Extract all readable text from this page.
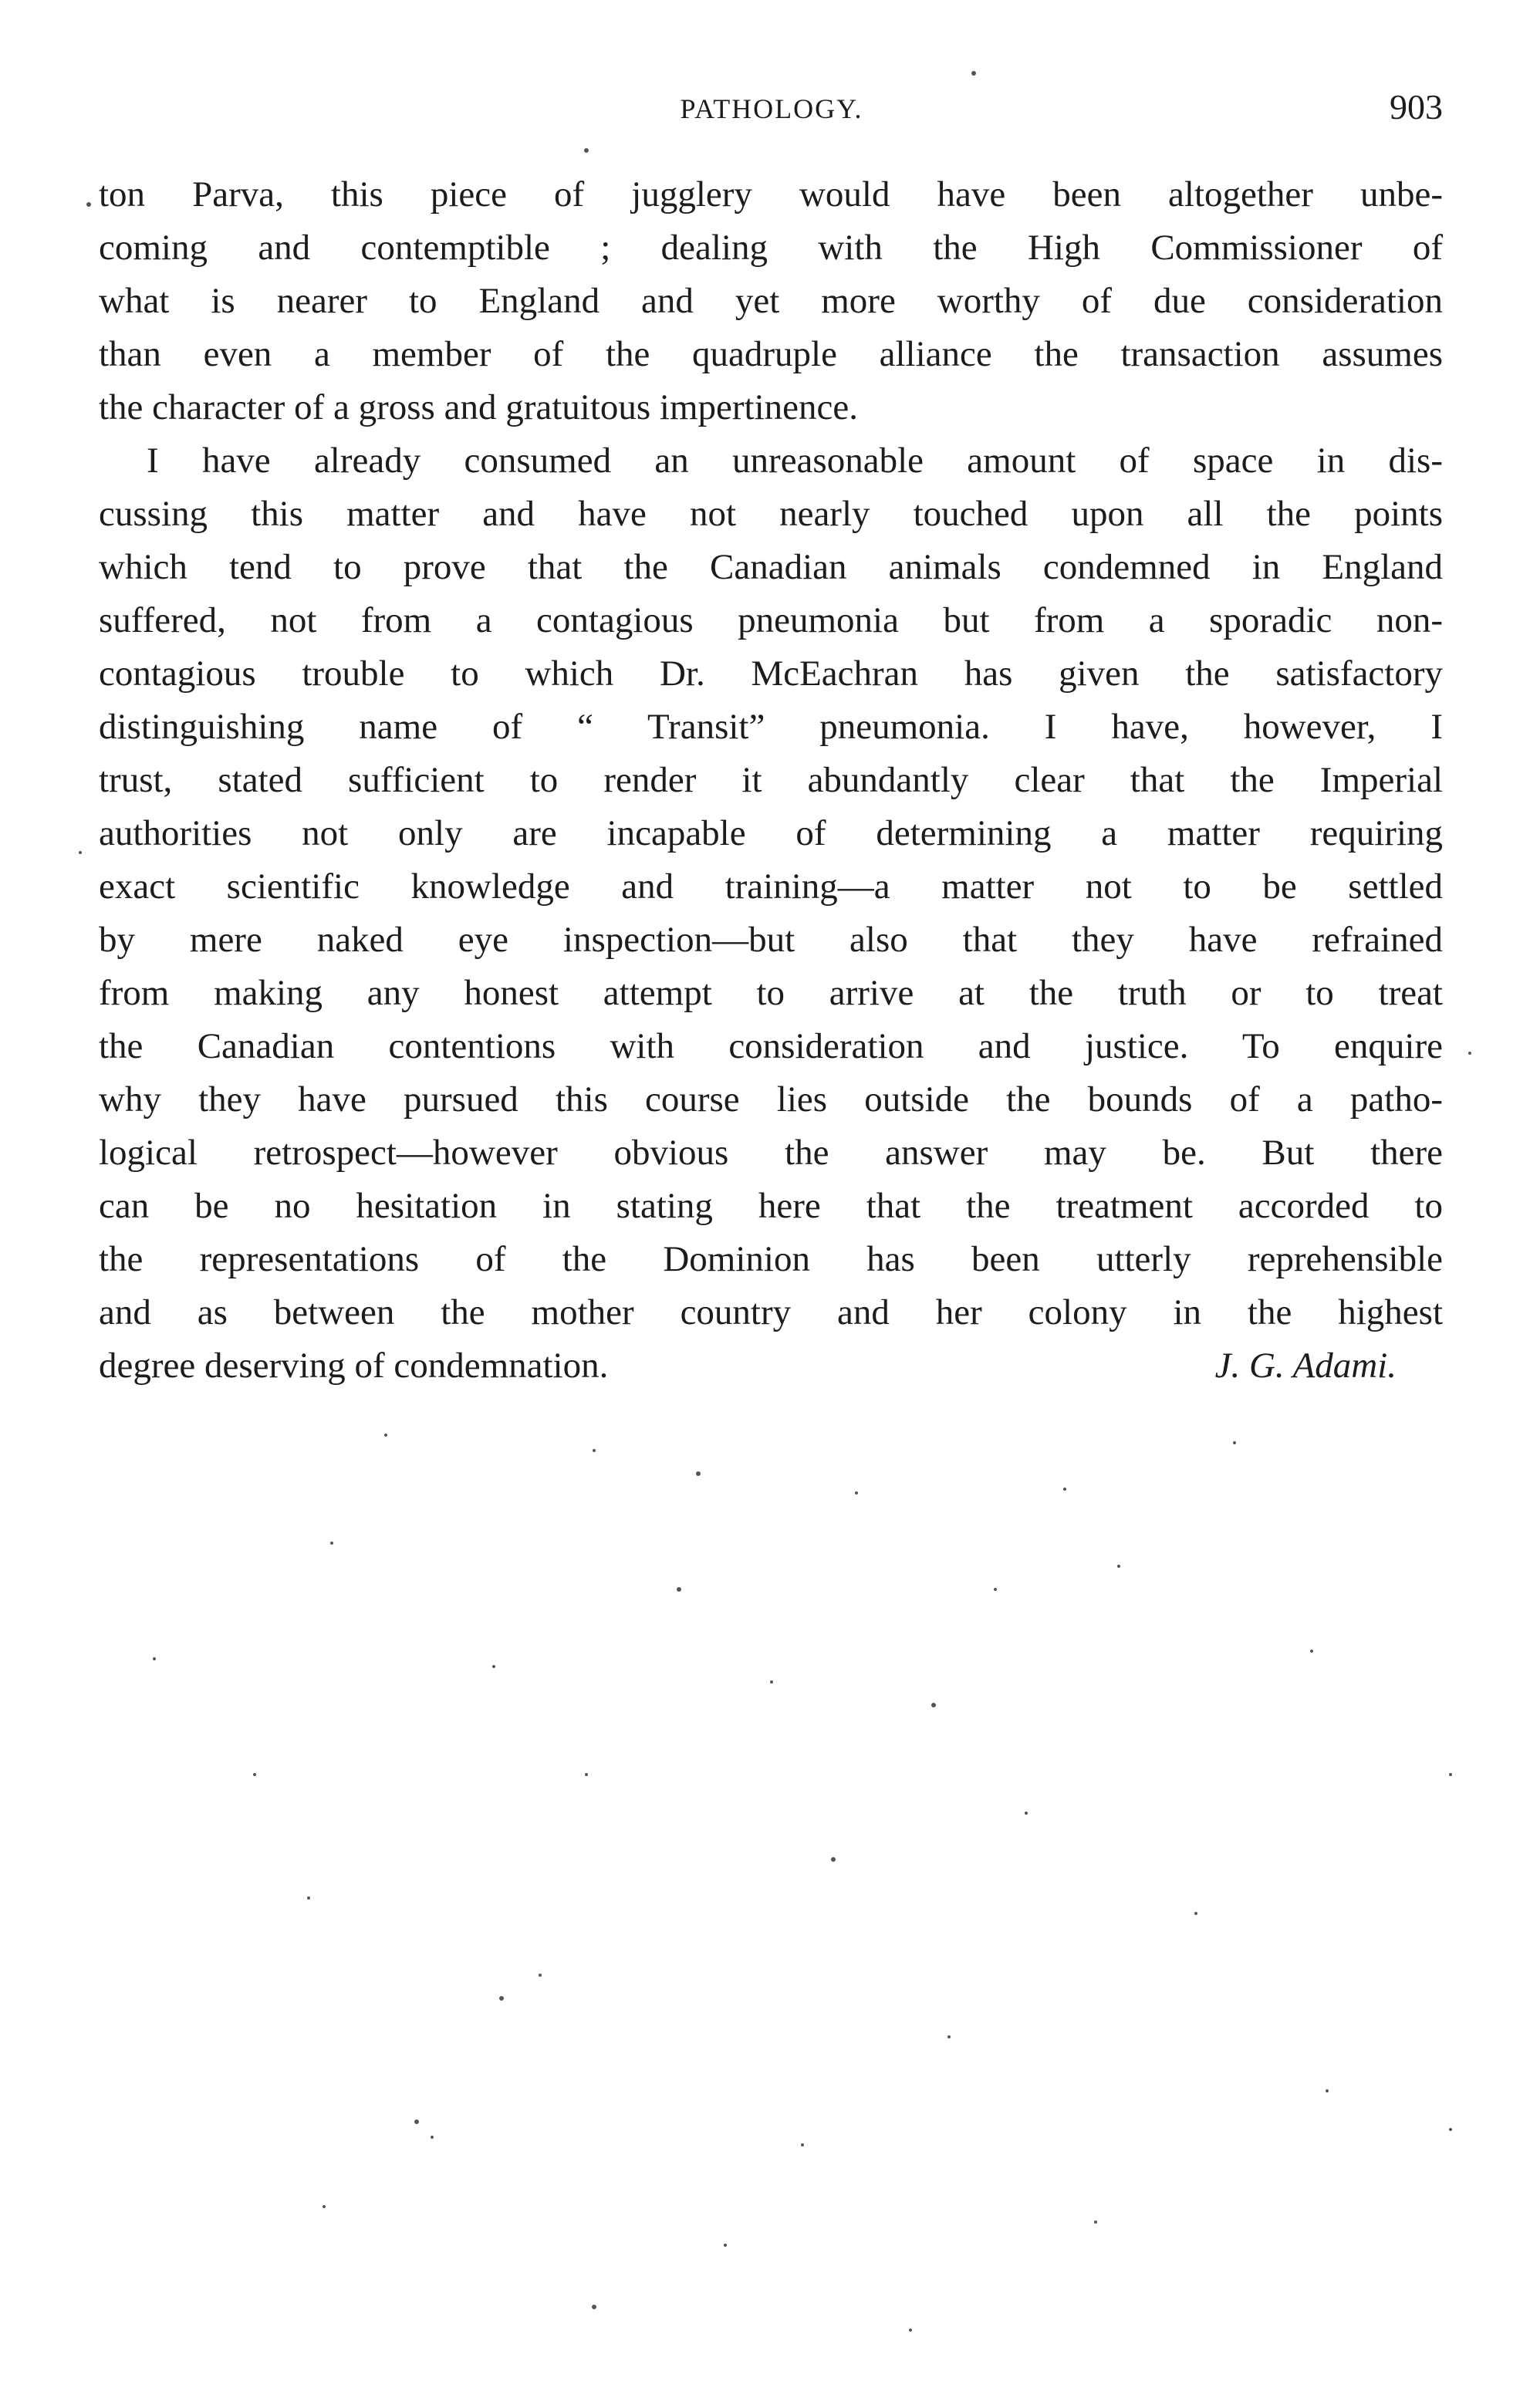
PATHOLOGY.	903
ton Parva, this piece of jugglery would have been altogether unbe-
coming and contemptible ; dealing with the High Commissioner of
what is nearer to England and yet more worthy of due consideration
than even a member of the quadruple alliance the transaction assumes
the character of a gross and gratuitous impertinence.
I have already consumed an unreasonable amount of space in dis-
cussing this matter and have not nearly touched upon all the points
which tend to prove that the Canadian animals condemned in England
suffered, not from a contagious pneumonia but from a sporadic non-
contagious trouble to which Dr. McEachran has given the satisfactory
distinguishing name of “ Transit” pneumonia. I have, however, I
trust, stated sufficient to render it abundantly clear that the Imperial
authorities not only are incapable of determining a matter requiring
exact scientific knowledge and training—a matter not to be settled
by mere naked eye inspection—but also that they have refrained
from making any honest attempt to arrive at the truth or to treat
the Canadian contentions with consideration and justice. To enquire
why they have pursued this course lies outside the bounds of a patho-
logical retrospect—however obvious the answer may be. But there
can be no hesitation in stating here that the treatment accorded to
the representations of the Dominion has been utterly reprehensible
and as between the mother country and her colony in the highest
degree deserving of condemnation.	J. G. Adami.
